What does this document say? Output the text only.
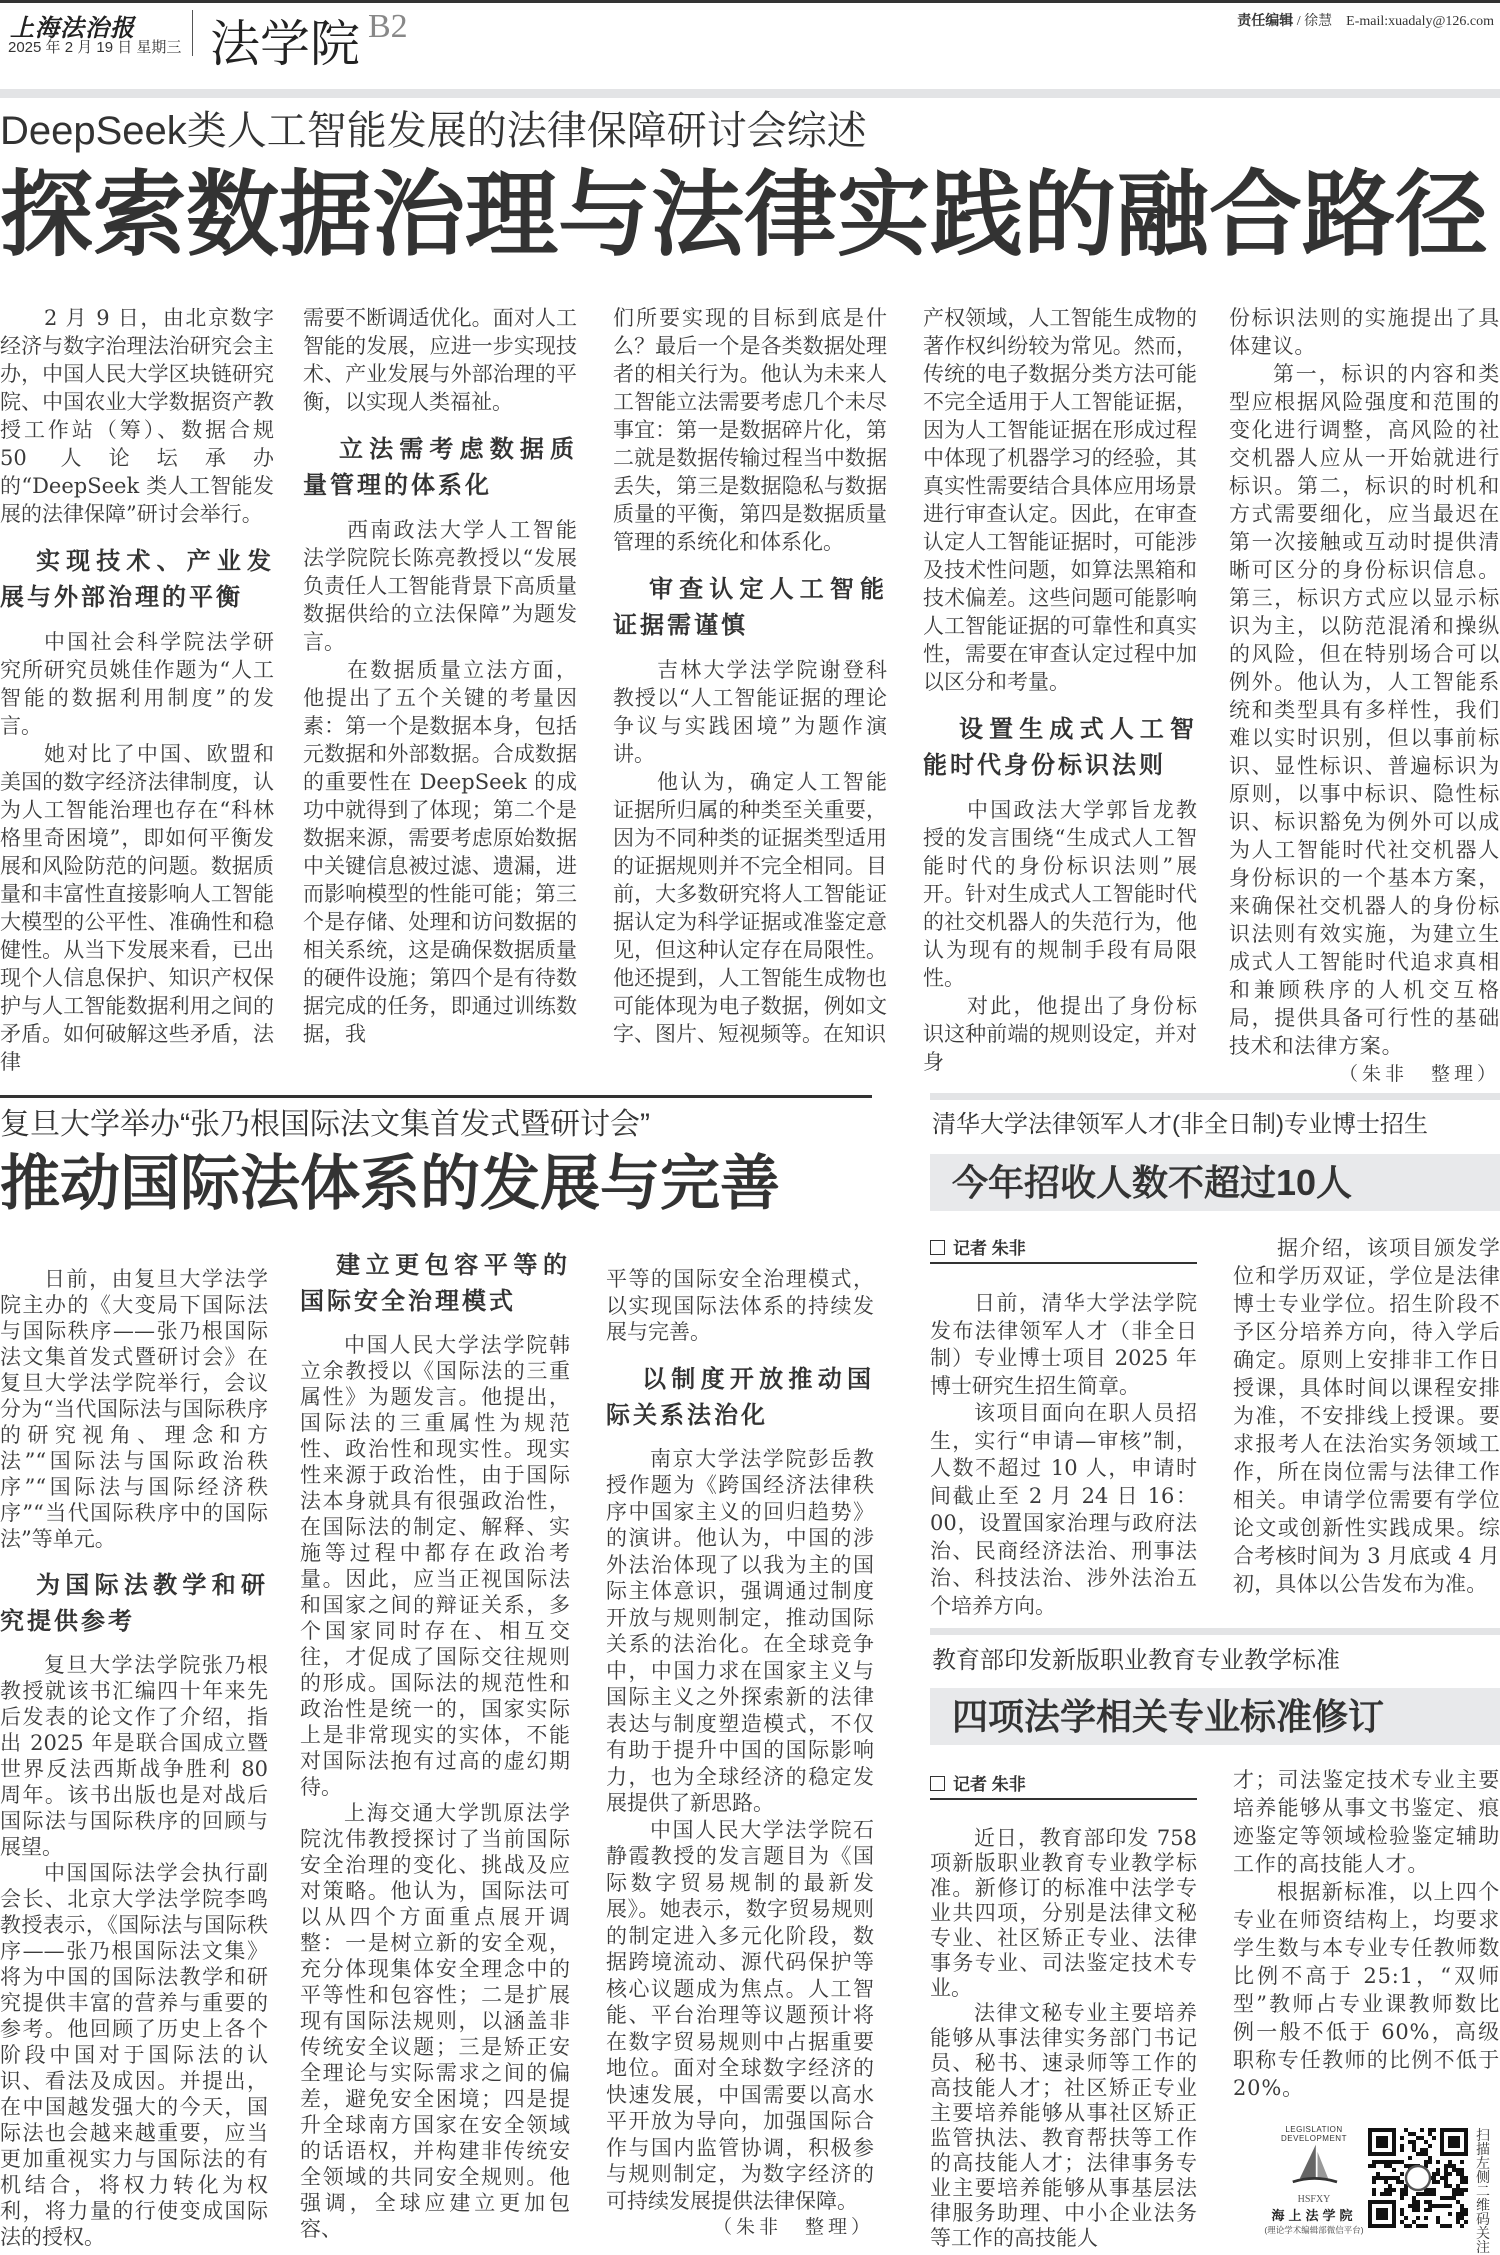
上海法治报
2025 年 2 月 19 日 星期三 法学院 B2	责任编辑 / 徐慧　E-mail:xuadaly@126.com
DeepSeek类人工智能发展的法律保障研讨会综述
探索数据治理与法律实践的融合路径

2 月 9 日，由北京数字经济与数字治理法治研究会主办，中国人民大学区块链研究院、中国农业大学数据资产教授工作站（筹）、数据合规 50 人论坛承办的“DeepSeek 类人工智能发展的法律保障”研讨会举行。

实现技术、产业发展与外部治理的平衡

中国社会科学院法学研究所研究员姚佳作题为“人工智能的数据利用制度”的发言。

她对比了中国、欧盟和美国的数字经济法律制度，认为人工智能治理也存在“科林格里奇困境”，即如何平衡发展和风险防范的问题。数据质量和丰富性直接影响人工智能大模型的公平性、准确性和稳健性。从当下发展来看，已出现个人信息保护、知识产权保护与人工智能数据利用之间的矛盾。如何破解这些矛盾，法律

需要不断调适优化。面对人工智能的发展，应进一步实现技术、产业发展与外部治理的平衡，以实现人类福祉。

立法需考虑数据质量管理的体系化

西南政法大学人工智能法学院院长陈亮教授以“发展负责任人工智能背景下高质量数据供给的立法保障”为题发言。

在数据质量立法方面，他提出了五个关键的考量因素：第一个是数据本身，包括元数据和外部数据。合成数据的重要性在 DeepSeek 的成功中就得到了体现；第二个是数据来源，需要考虑原始数据中关键信息被过滤、遗漏，进而影响模型的性能可能；第三个是存储、处理和访问数据的相关系统，这是确保数据质量的硬件设施；第四个是有待数据完成的任务，即通过训练数据，我

们所要实现的目标到底是什么？最后一个是各类数据处理者的相关行为。他认为未来人工智能立法需要考虑几个未尽事宜：第一是数据碎片化，第二就是数据传输过程当中数据丢失，第三是数据隐私与数据质量的平衡，第四是数据质量管理的系统化和体系化。

审查认定人工智能证据需谨慎

吉林大学法学院谢登科教授以“人工智能证据的理论争议与实践困境”为题作演讲。

他认为，确定人工智能证据所归属的种类至关重要，因为不同种类的证据类型适用的证据规则并不完全相同。目前，大多数研究将人工智能证据认定为科学证据或准鉴定意见，但这种认定存在局限性。他还提到，人工智能生成物也可能体现为电子数据，例如文字、图片、短视频等。在知识

产权领域，人工智能生成物的著作权纠纷较为常见。然而，传统的电子数据分类方法可能不完全适用于人工智能证据，因为人工智能证据在形成过程中体现了机器学习的经验，其真实性需要结合具体应用场景进行审查认定。因此，在审查认定人工智能证据时，可能涉及技术性问题，如算法黑箱和技术偏差。这些问题可能影响人工智能证据的可靠性和真实性，需要在审查认定过程中加以区分和考量。

设置生成式人工智能时代身份标识法则

中国政法大学郭旨龙教授的发言围绕“生成式人工智能时代的身份标识法则”展开。针对生成式人工智能时代的社交机器人的失范行为，他认为现有的规制手段有局限性。

对此，他提出了身份标识这种前端的规则设定，并对身

份标识法则的实施提出了具体建议。

第一，标识的内容和类型应根据风险强度和范围的变化进行调整，高风险的社交机器人应从一开始就进行标识。第二，标识的时机和方式需要细化，应当最迟在第一次接触或互动时提供清晰可区分的身份标识信息。第三，标识方式应以显示标识为主，以防范混淆和操纵的风险，但在特别场合可以例外。他认为，人工智能系统和类型具有多样性，我们难以实时识别，但以事前标识、显性标识、普遍标识为原则，以事中标识、隐性标识、标识豁免为例外可以成为人工智能时代社交机器人身份标识的一个基本方案，来确保社交机器人的身份标识法则有效实施，为建立生成式人工智能时代追求真相和兼顾秩序的人机交互格局，提供具备可行性的基础技术和法律方案。

（朱非　整理）

复旦大学举办“张乃根国际法文集首发式暨研讨会”
推动国际法体系的发展与完善

日前，由复旦大学法学院主办的《大变局下国际法与国际秩序——张乃根国际法文集首发式暨研讨会》在复旦大学法学院举行，会议分为“当代国际法与国际秩序的研究视角、理念和方法”“国际法与国际政治秩序”“国际法与国际经济秩序”“当代国际秩序中的国际法”等单元。

为国际法教学和研究提供参考

复旦大学法学院张乃根教授就该书汇编四十年来先后发表的论文作了介绍，指出 2025 年是联合国成立暨世界反法西斯战争胜利 80 周年。该书出版也是对战后国际法与国际秩序的回顾与展望。

中国国际法学会执行副会长、北京大学法学院李鸣教授表示，《国际法与国际秩序——张乃根国际法文集》将为中国的国际法教学和研究提供丰富的营养与重要的参考。他回顾了历史上各个阶段中国对于国际法的认识、看法及成因。并提出，在中国越发强大的今天，国际法也会越来越重要，应当更加重视实力与国际法的有机结合，将权力转化为权利，将力量的行使变成国际法的授权。

建立更包容平等的国际安全治理模式

中国人民大学法学院韩立余教授以《国际法的三重属性》为题发言。他提出，国际法的三重属性为规范性、政治性和现实性。现实性来源于政治性，由于国际法本身就具有很强政治性，在国际法的制定、解释、实施等过程中都存在政治考量。因此，应当正视国际法和国家之间的辩证关系，多个国家同时存在、相互交往，才促成了国际交往规则的形成。国际法的规范性和政治性是统一的，国家实际上是非常现实的实体，不能对国际法抱有过高的虚幻期待。

上海交通大学凯原法学院沈伟教授探讨了当前国际安全治理的变化、挑战及应对策略。他认为，国际法可以从四个方面重点展开调整：一是树立新的安全观，充分体现集体安全理念中的平等性和包容性；二是扩展现有国际法规则，以涵盖非传统安全议题；三是矫正安全理论与实际需求之间的偏差，避免安全困境；四是提升全球南方国家在安全领域的话语权，并构建非传统安全领域的共同安全规则。他强调，全球应建立更加包容、

平等的国际安全治理模式，以实现国际法体系的持续发展与完善。

以制度开放推动国际关系法治化

南京大学法学院彭岳教授作题为《跨国经济法律秩序中国家主义的回归趋势》的演讲。他认为，中国的涉外法治体现了以我为主的国际主体意识，强调通过制度开放与规则制定，推动国际关系的法治化。在全球竞争中，中国力求在国家主义与国际主义之外探索新的法律表达与制度塑造模式，不仅有助于提升中国的国际影响力，也为全球经济的稳定发展提供了新思路。

中国人民大学法学院石静霞教授的发言题目为《国际数字贸易规制的最新发展》。她表示，数字贸易规则的制定进入多元化阶段，数据跨境流动、源代码保护等核心议题成为焦点。人工智能、平台治理等议题预计将在数字贸易规则中占据重要地位。面对全球数字经济的快速发展，中国需要以高水平开放为导向，加强国际合作与国内监管协调，积极参与规则制定，为数字经济的可持续发展提供法律保障。

（朱非　整理）

清华大学法律领军人才(非全日制)专业博士招生
今年招收人数不超过10人
记者 朱非

日前，清华大学法学院发布法律领军人才（非全日制）专业博士项目 2025 年博士研究生招生简章。

该项目面向在职人员招生，实行“申请—审核”制，人数不超过 10 人，申请时间截止至 2 月 24 日 16：00，设置国家治理与政府法治、民商经济法治、刑事法治、科技法治、涉外法治五个培养方向。

据介绍，该项目颁发学位和学历双证，学位是法律博士专业学位。招生阶段不予区分培养方向，待入学后确定。原则上安排非工作日授课，具体时间以课程安排为准，不安排线上授课。要求报考人在法治实务领域工作，所在岗位需与法律工作相关。申请学位需要有学位论文或创新性实践成果。综合考核时间为 3 月底或 4 月初，具体以公告发布为准。

教育部印发新版职业教育专业教学标准
四项法学相关专业标准修订
记者 朱非

近日，教育部印发 758 项新版职业教育专业教学标准。新修订的标准中法学专业共四项，分别是法律文秘专业、社区矫正专业、法律事务专业、司法鉴定技术专业。

法律文秘专业主要培养能够从事法律实务部门书记员、秘书、速录师等工作的高技能人才；社区矫正专业主要培养能够从事社区矫正监管执法、教育帮扶等工作的高技能人才；法律事务专业主要培养能够从事基层法律服务助理、中小企业法务等工作的高技能人

才；司法鉴定技术专业主要培养能够从事文书鉴定、痕迹鉴定等领域检验鉴定辅助工作的高技能人才。

根据新标准，以上四个专业在师资结构上，均要求学生数与本专业专任教师数比例不高于 25:1，“双师型”教师占专业课教师数比例一般不低于 60%，高级职称专任教师的比例不低于 20%。

LEGISLATION DEVELOPMENT
HSFXY
海上法学院
(理论学术编辑部微信平台)
扫描左侧二维码关注
